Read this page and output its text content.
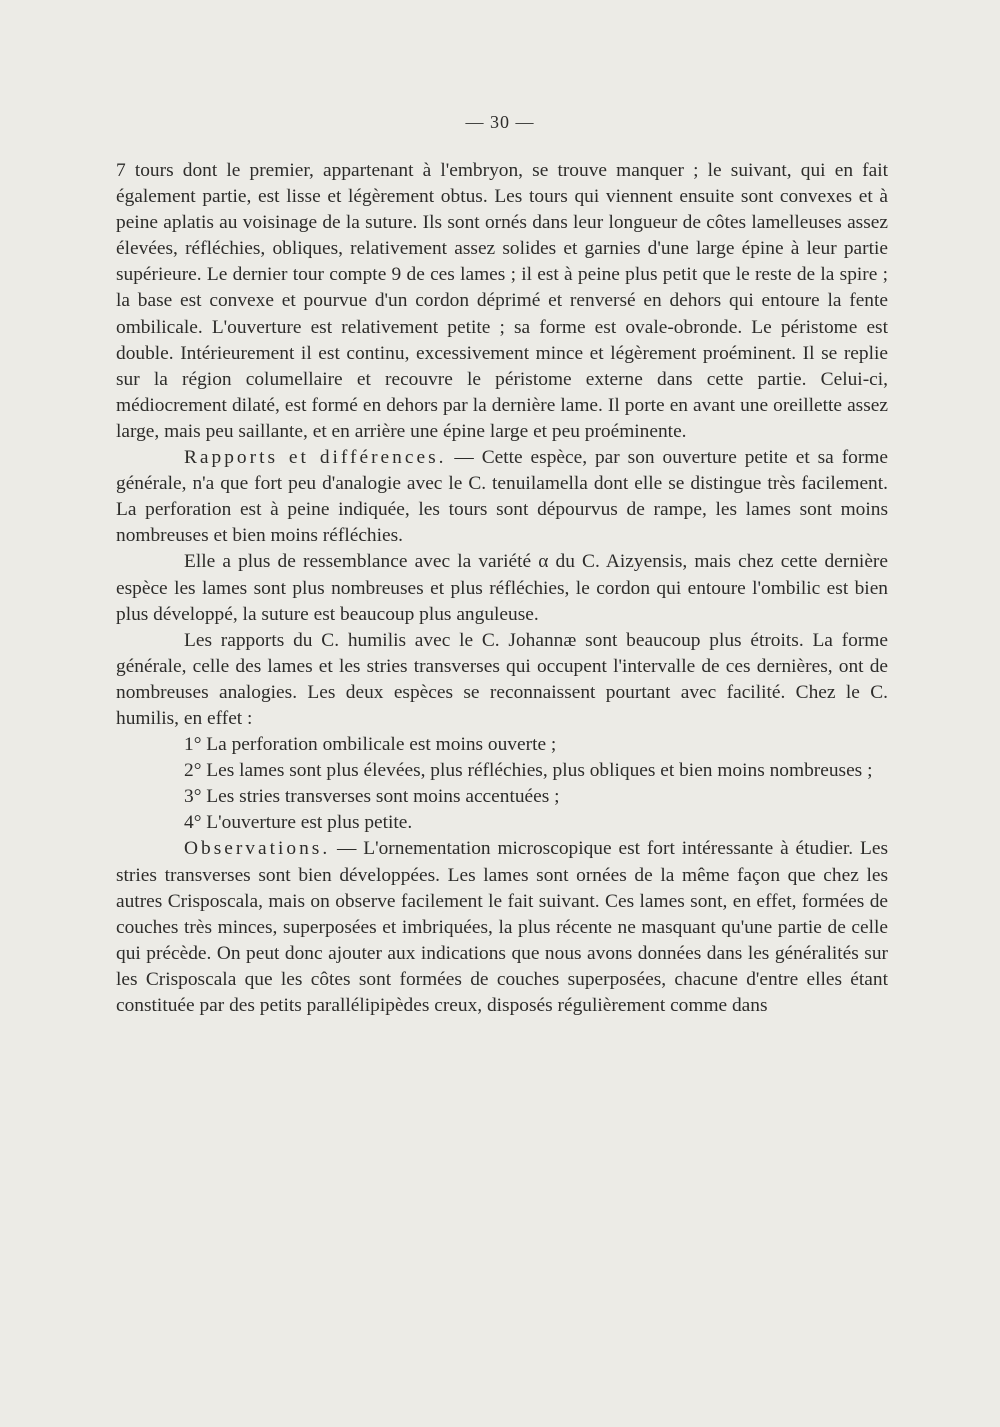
— 30 —

7 tours dont le premier, appartenant à l'embryon, se trouve manquer ; le suivant, qui en fait également partie, est lisse et légèrement obtus. Les tours qui viennent ensuite sont convexes et à peine aplatis au voisinage de la suture. Ils sont ornés dans leur longueur de côtes lamelleuses assez élevées, réfléchies, obliques, relativement assez solides et garnies d'une large épine à leur partie supérieure. Le dernier tour compte 9 de ces lames ; il est à peine plus petit que le reste de la spire ; la base est convexe et pourvue d'un cordon déprimé et renversé en dehors qui entoure la fente ombilicale. L'ouverture est relativement petite ; sa forme est ovale-obronde. Le péristome est double. Intérieurement il est continu, excessivement mince et légèrement proéminent. Il se replie sur la région columellaire et recouvre le péristome externe dans cette partie. Celui-ci, médiocrement dilaté, est formé en dehors par la dernière lame. Il porte en avant une oreillette assez large, mais peu saillante, et en arrière une épine large et peu proéminente.

Rapports et différences. — Cette espèce, par son ouverture petite et sa forme générale, n'a que fort peu d'analogie avec le C. tenuilamella dont elle se distingue très facilement. La perforation est à peine indiquée, les tours sont dépourvus de rampe, les lames sont moins nombreuses et bien moins réfléchies.

Elle a plus de ressemblance avec la variété α du C. Aizyensis, mais chez cette dernière espèce les lames sont plus nombreuses et plus réfléchies, le cordon qui entoure l'ombilic est bien plus développé, la suture est beaucoup plus anguleuse.

Les rapports du C. humilis avec le C. Johannæ sont beaucoup plus étroits. La forme générale, celle des lames et les stries transverses qui occupent l'intervalle de ces dernières, ont de nombreuses analogies. Les deux espèces se reconnaissent pourtant avec facilité. Chez le C. humilis, en effet :

1° La perforation ombilicale est moins ouverte ;

2° Les lames sont plus élevées, plus réfléchies, plus obliques et bien moins nombreuses ;

3° Les stries transverses sont moins accentuées ;

4° L'ouverture est plus petite.

Observations. — L'ornementation microscopique est fort intéressante à étudier. Les stries transverses sont bien développées. Les lames sont ornées de la même façon que chez les autres Crisposcala, mais on observe facilement le fait suivant. Ces lames sont, en effet, formées de couches très minces, superposées et imbriquées, la plus récente ne masquant qu'une partie de celle qui précède. On peut donc ajouter aux indications que nous avons données dans les généralités sur les Crisposcala que les côtes sont formées de couches superposées, chacune d'entre elles étant constituée par des petits parallélipipèdes creux, disposés régulièrement comme dans
